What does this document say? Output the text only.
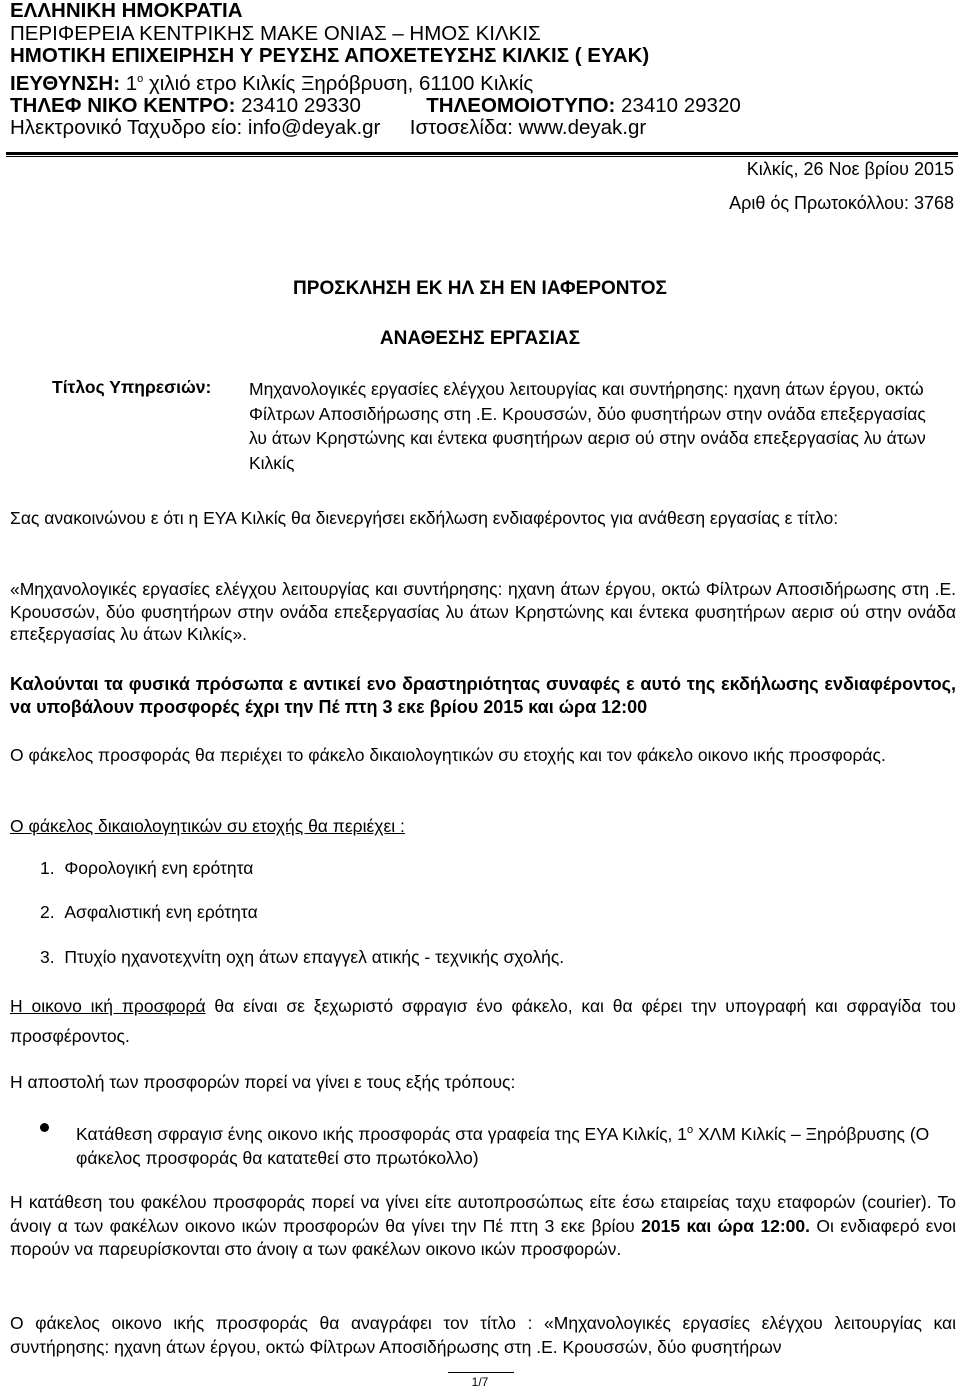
ΕΛΛΗΝΙΚΗ ΗΜΟΚΡΑΤΙΑ
ΠΕΡΙΦΕΡΕΙΑ ΚΕΝΤΡΙΚΗΣ ΜΑΚΕ ΟΝΙΑΣ – ΗΜΟΣ ΚΙΛΚΙΣ
ΗΜΟΤΙΚΗ ΕΠΙΧΕΙΡΗΣΗ Υ ΡΕΥΣΗΣ ΑΠΟΧΕΤΕΥΣΗΣ ΚΙΛΚΙΣ ( ΕΥΑΚ)
ΙΕΥΘΥΝΣΗ: $1^o$ χιλιό ετρο Κιλκίς Ξηρόβρυση, 61100 Κιλκίς
ΤΗΛΕΦ ΝΙΚΟ ΚΕΝΤΡΟ: 23410 29330	ΤΗΛΕΟΜΟΙΟΤΥΠΟ: 23410 29320
Ηλεκτρονικό Ταχυδρο είο: info@deyak.gr Ιστοσελίδα: www.deyak.gr
Κιλκίς, 26 Νοε βρίου 2015
Αριθ ός Πρωτοκόλλου: 3768
ΠΡΟΣΚΛΗΣΗ ΕΚ ΗΛ ΣΗ ΕΝ ΙΑΦΕΡΟΝΤΟΣ
ΑΝΑΘΕΣΗΣ ΕΡΓΑΣΙΑΣ
Τίτλος Υπηρεσιών: Μηχανολογικές εργασίες ελέγχου λειτουργίας και συντήρησης: ηχανη άτων έργου, οκτώ Φίλτρων Αποσιδήρωσης στη .Ε. Κρουσσών, δύο φυσητήρων στην ονάδα επεξεργασίας λυ άτων Κρηστώνης και έντεκα φυσητήρων αερισ ού στην ονάδα επεξεργασίας λυ άτων Κιλκίς
Σας ανακοινώνου ε ότι η ΕΥΑ Κιλκίς θα διενεργήσει εκδήλωση ενδιαφέροντος για ανάθεση εργασίας ε τίτλο:
«Μηχανολογικές εργασίες ελέγχου λειτουργίας και συντήρησης: ηχανη άτων έργου, οκτώ Φίλτρων Αποσιδήρωσης στη .Ε. Κρουσσών, δύο φυσητήρων στην ονάδα επεξεργασίας λυ άτων Κρηστώνης και έντεκα φυσητήρων αερισ ού στην ονάδα επεξεργασίας λυ άτων Κιλκίς».
Καλούνται τα φυσικά πρόσωπα ε αντικεί ενο δραστηριότητας συναφές ε αυτό της εκδήλωσης ενδιαφέροντος, να υποβάλουν προσφορές έχρι την Πέ πτη 3 εκε βρίου 2015 και ώρα 12:00
Ο φάκελος προσφοράς θα περιέχει το φάκελο δικαιολογητικών συ ετοχής και τον φάκελο οικονο ικής προσφοράς.
Ο φάκελος δικαιολογητικών συ ετοχής θα περιέχει :
1. Φορολογική ενη ερότητα
2. Ασφαλιστική ενη ερότητα
3. Πτυχίο ηχανοτεχνίτη οχη άτων επαγγελ ατικής - τεχνικής σχολής.
Η οικονο ική προσφορά θα είναι σε ξεχωριστό σφραγισ ένο φάκελο, και θα φέρει την υπογραφή και σφραγίδα του προσφέροντος.
Η αποστολή των προσφορών πορεί να γίνει ε τους εξής τρόπους:
Κατάθεση σφραγισ ένης οικονο ικής προσφοράς στα γραφεία της ΕΥΑ Κιλκίς, $1^o$ ΧΛΜ Κιλκίς – Ξηρόβρυσης (Ο φάκελος προσφοράς θα κατατεθεί στο πρωτόκολλο)
Η κατάθεση του φακέλου προσφοράς πορεί να γίνει είτε αυτοπροσώπως είτε έσω εταιρείας ταχυ εταφορών (courier). Το άνοιγ α των φακέλων οικονο ικών προσφορών θα γίνει την Πέ πτη 3 εκε βρίου 2015 και ώρα 12:00. Οι ενδιαφερό ενοι πορούν να παρευρίσκονται στο άνοιγ α των φακέλων οικονο ικών προσφορών.
Ο φάκελος οικονο ικής προσφοράς θα αναγράφει τον τίτλο : «Μηχανολογικές εργασίες ελέγχου λειτουργίας και συντήρησης: ηχανη άτων έργου, οκτώ Φίλτρων Αποσιδήρωσης στη .Ε. Κρουσσών, δύο φυσητήρων
1/7
